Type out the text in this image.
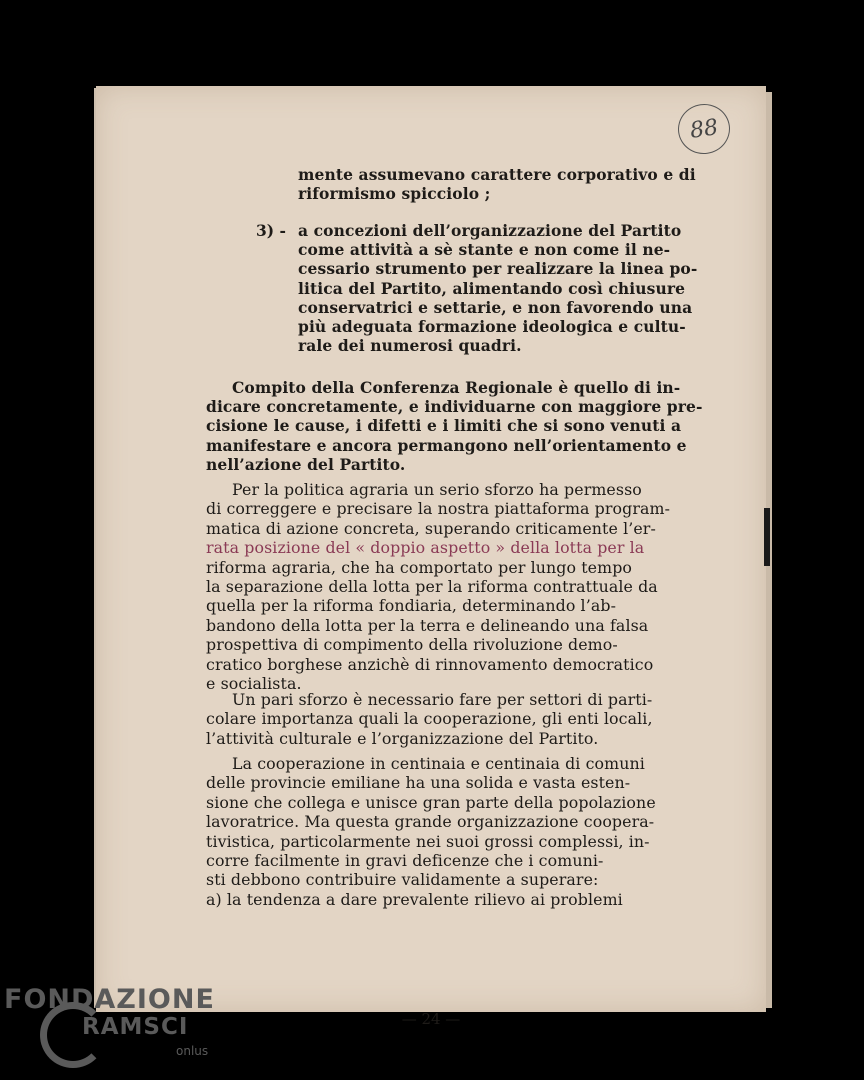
— 24 —
88
mente assumevano carattere corporativo e di
riformismo spicciolo ;
3) - a concezioni dell’organizzazione del Partito
come attività a sè stante e non come il ne-
cessario strumento per realizzare la linea po-
litica del Partito, alimentando così chiusure
conservatrici e settarie, e non favorendo una
più adeguata formazione ideologica e cultu-
rale dei numerosi quadri.
Compito della Conferenza Regionale è quello di in-
dicare concretamente, e individuarne con maggiore pre-
cisione le cause, i difetti e i limiti che si sono venuti a
manifestare e ancora permangono nell’orientamento e
nell’azione del Partito.
Per la politica agraria un serio sforzo ha permesso
di correggere e precisare la nostra piattaforma program-
matica di azione concreta, superando criticamente l’er-
rata posizione del « doppio aspetto » della lotta per la
riforma agraria, che ha comportato per lungo tempo
la separazione della lotta per la riforma contrattuale da
quella per la riforma fondiaria, determinando l’ab-
bandono della lotta per la terra e delineando una falsa
prospettiva di compimento della rivoluzione demo-
cratico borghese anzichè di rinnovamento democratico
e socialista.
Un pari sforzo è necessario fare per settori di parti-
colare importanza quali la cooperazione, gli enti locali,
l’attività culturale e l’organizzazione del Partito.
La cooperazione in centinaia e centinaia di comuni
delle provincie emiliane ha una solida e vasta esten-
sione che collega e unisce gran parte della popolazione
lavoratrice. Ma questa grande organizzazione coopera-
tivistica, particolarmente nei suoi grossi complessi, in-
corre facilmente in gravi deficenze che i comuni-
sti debbono contribuire validamente a superare:
a) la tendenza a dare prevalente rilievo ai problemi
FONDAZIONE
RAMSCI
onlus
